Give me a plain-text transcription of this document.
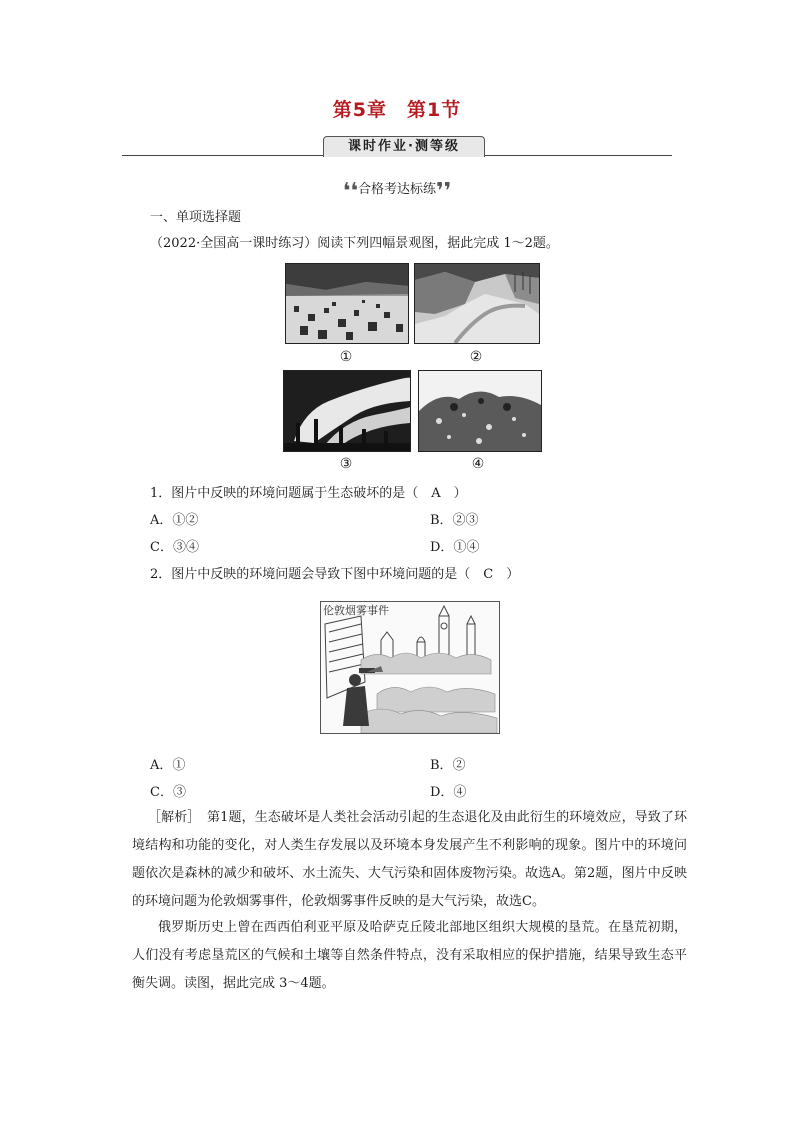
第5章　第1节
课时作业·测等级
❛❛合格考达标练❜❜
一、单项选择题
（2022·全国高一课时练习）阅读下列四幅景观图，据此完成 1～2题。
①	②
③	④
1．图片中反映的环境问题属于生态破坏的是（　A　）
A．①②	B．②③
C．③④	D．①④
2．图片中反映的环境问题会导致下图中环境问题的是（　C　）
伦敦烟雾事件
A．①	B．②
C．③	D．④
［解析］　第1题，生态破坏是人类社会活动引起的生态退化及由此衍生的环境效应，导致了环境结构和功能的变化，对人类生存发展以及环境本身发展产生不利影响的现象。图片中的环境问题依次是森林的减少和破坏、水土流失、大气污染和固体废物污染。故选A。第2题，图片中反映的环境问题为伦敦烟雾事件，伦敦烟雾事件反映的是大气污染，故选C。
俄罗斯历史上曾在西西伯利亚平原及哈萨克丘陵北部地区组织大规模的垦荒。在垦荒初期，人们没有考虑垦荒区的气候和土壤等自然条件特点，没有采取相应的保护措施，结果导致生态平衡失调。读图，据此完成 3～4题。
